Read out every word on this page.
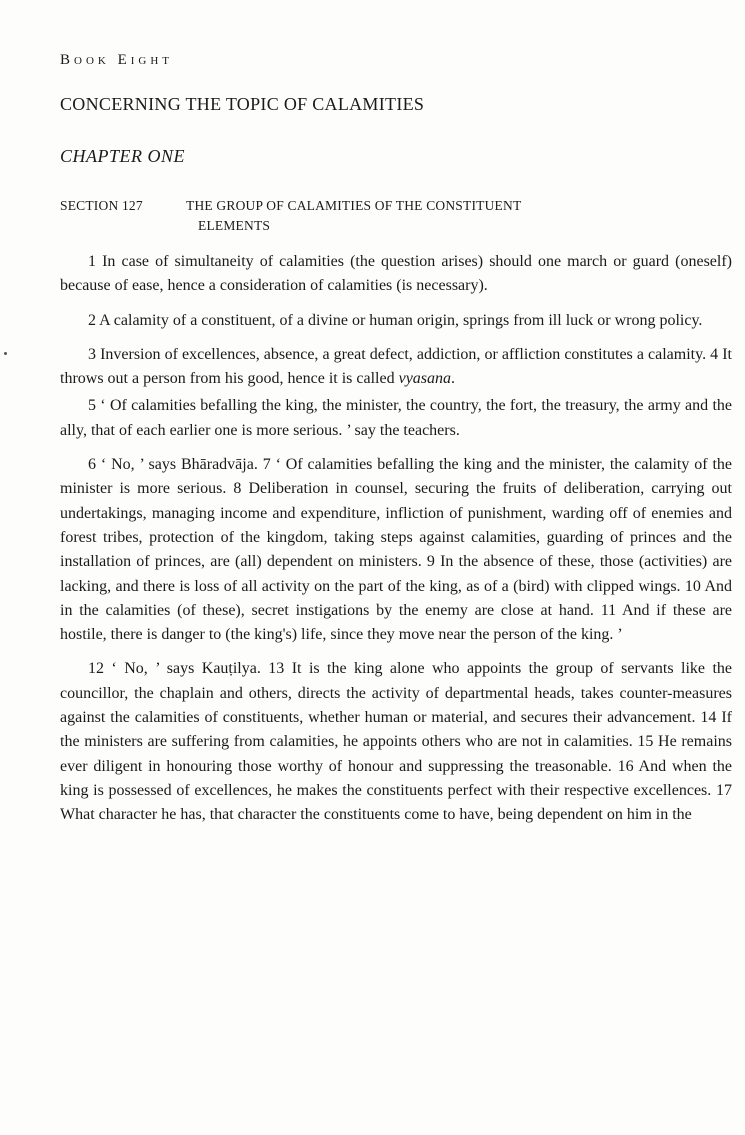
Book Eight
CONCERNING THE TOPIC OF CALAMITIES
CHAPTER ONE
SECTION 127	THE GROUP OF CALAMITIES OF THE CONSTITUENT
ELEMENTS

1 In case of simultaneity of calamities (the question arises) should one march or guard (oneself) because of ease, hence a consideration of calamities (is necessary).

2 A calamity of a constituent, of a divine or human origin, springs from ill luck or wrong policy.

3 Inversion of excellences, absence, a great defect, addiction, or affliction constitutes a calamity. 4 It throws out a person from his good, hence it is called vyasana.

5 ‘ Of calamities befalling the king, the minister, the country, the fort, the treasury, the army and the ally, that of each earlier one is more serious. ’ say the teachers.

6 ‘ No, ’ says Bhāradvāja. 7 ‘ Of calamities befalling the king and the minister, the calamity of the minister is more serious. 8 Deliberation in counsel, securing the fruits of deliberation, carrying out undertakings, managing income and expenditure, infliction of punishment, warding off of enemies and forest tribes, protection of the kingdom, taking steps against calamities, guarding of princes and the installation of princes, are (all) dependent on ministers. 9 In the absence of these, those (activities) are lacking, and there is loss of all activity on the part of the king, as of a (bird) with clipped wings. 10 And in the calamities (of these), secret instigations by the enemy are close at hand. 11 And if these are hostile, there is danger to (the king's) life, since they move near the person of the king. ’

12 ‘ No, ’ says Kauṭilya. 13 It is the king alone who appoints the group of servants like the councillor, the chaplain and others, directs the activity of departmental heads, takes counter-measures against the calamities of constituents, whether human or material, and secures their advancement. 14 If the ministers are suffering from calamities, he appoints others who are not in calamities. 15 He remains ever diligent in honouring those worthy of honour and suppressing the treasonable. 16 And when the king is possessed of excellences, he makes the constituents perfect with their respective excellences. 17 What character he has, that character the constituents come to have, being dependent on him in the
